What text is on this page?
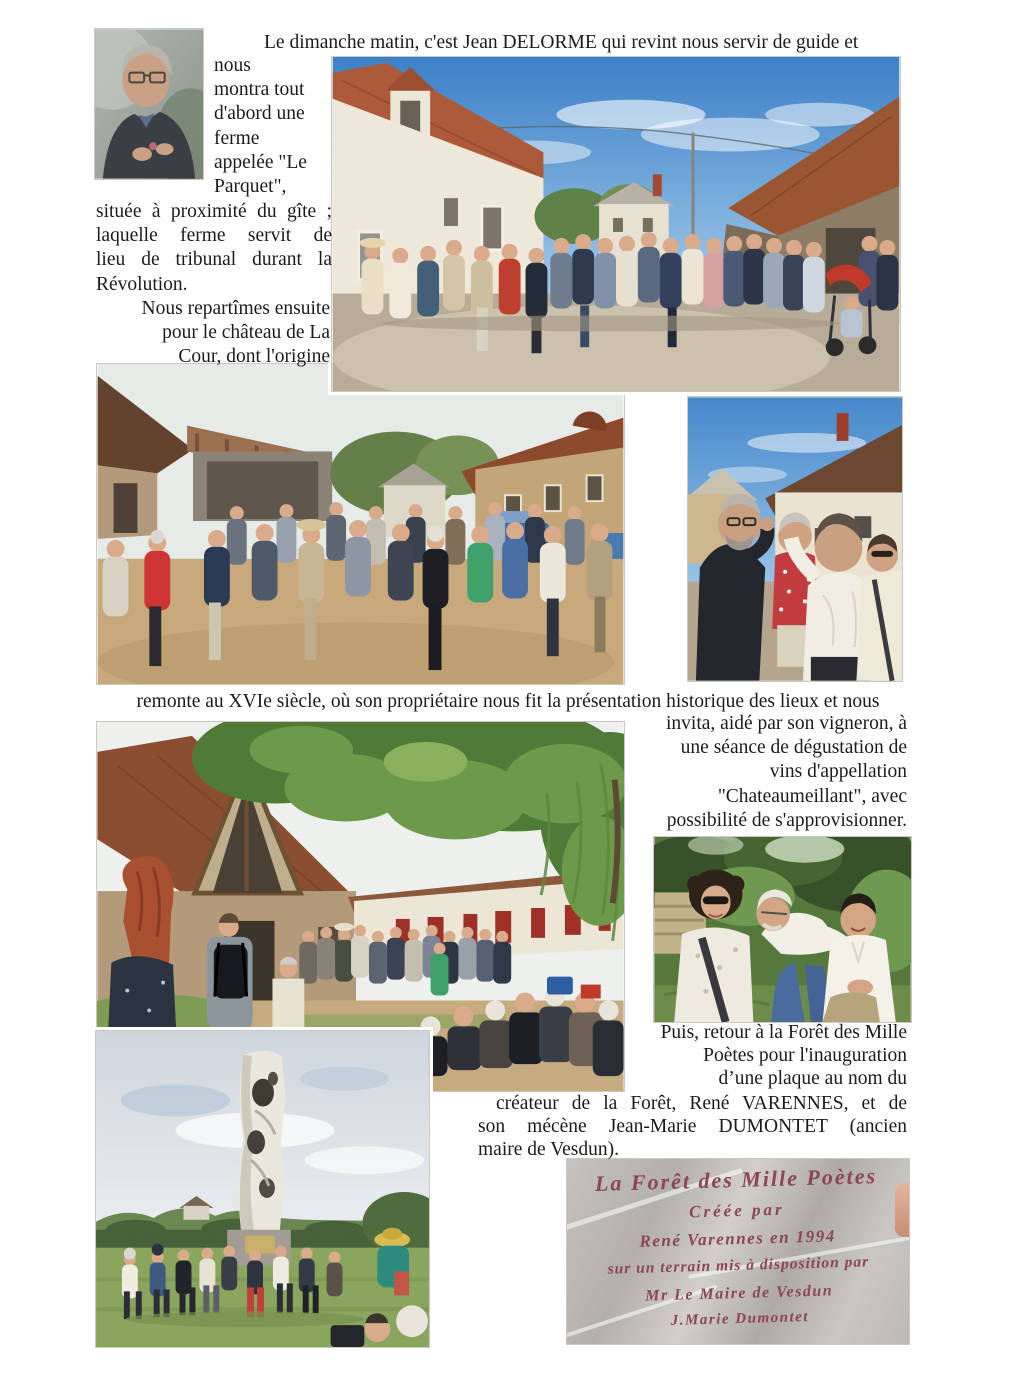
Le dimanche matin, c'est Jean DELORME qui revint nous servir de guide et
nous
montra tout
d'abord une
ferme
appelée "Le
Parquet",
située à proximité du gîte ;
laquelle ferme servit de
lieu de tribunal durant la
Révolution.
Nous repartîmes ensuite
pour le château de La
Cour, dont l'origine
remonte au XVIe siècle, où son propriétaire nous fit la présentation historique des lieux et nous
invita, aidé par son vigneron, à
une séance de dégustation de
vins d'appellation
"Chateaumeillant", avec
possibilité de s'approvisionner.
Puis, retour à la Forêt des Mille
Poètes pour l'inauguration
d’une plaque au nom du
créateur de la Forêt, René VARENNES, et de
son mécène Jean-Marie DUMONTET (ancien
maire de Vesdun).
La Forêt des Mille Poètes
Créée par
René Varennes en 1994
sur un terrain mis à disposition par
Mr Le Maire de Vesdun
J.Marie Dumontet
